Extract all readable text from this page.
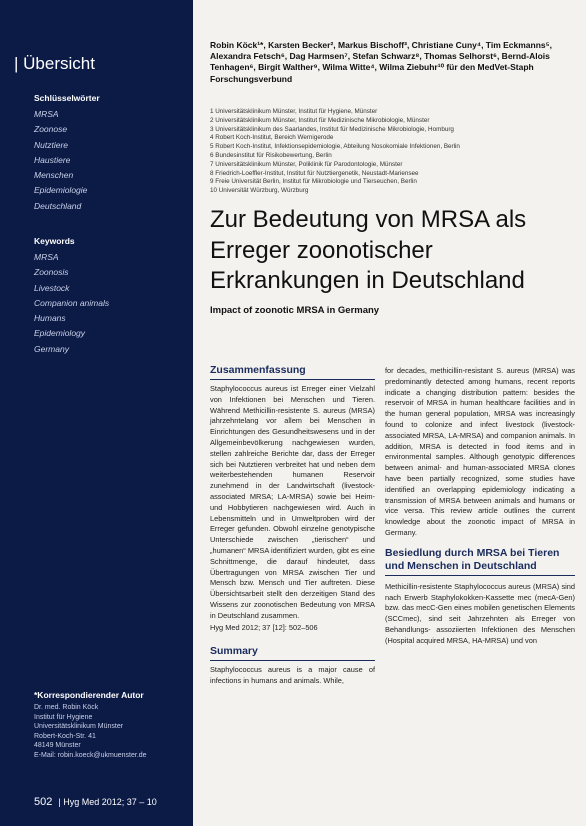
| Übersicht
Schlüsselwörter
MRSA
Zoonose
Nutztiere
Haustiere
Menschen
Epidemiologie
Deutschland
Keywords
MRSA
Zoonosis
Livestock
Companion animals
Humans
Epidemiology
Germany
*Korrespondierender Autor
Dr. med. Robin Köck
Institut für Hygiene
Universitätsklinikum Münster
Robert-Koch-Str. 41
48149 Münster
E-Mail: robin.koeck@ukmuenster.de
502 | Hyg Med 2012; 37 – 10
Robin Köck¹*, Karsten Becker², Markus Bischoff³, Christiane Cuny⁴, Tim Eckmanns⁵, Alexandra Fetsch⁶, Dag Harmsen⁷, Stefan Schwarz⁸, Thomas Selhorst⁶, Bernd-Alois Tenhagen⁶, Birgit Walther⁹, Wilma Witte⁴, Wilma Ziebuhr¹⁰ für den MedVet-Staph Forschungsverbund
1 Universitätsklinikum Münster, Institut für Hygiene, Münster
2 Universitätsklinikum Münster, Institut für Medizinische Mikrobiologie, Münster
3 Universitätsklinikum des Saarlandes, Institut für Medizinische Mikrobiologie, Homburg
4 Robert Koch-Institut, Bereich Wernigerode
5 Robert Koch-Institut, Infektionsepidemiologie, Abteilung Nosokomiale Infektionen, Berlin
6 Bundesinstitut für Risikobewertung, Berlin
7 Universitätsklinikum Münster, Poliklinik für Parodontologie, Münster
8 Friedrich-Loeffler-Institut, Institut für Nutztiergenetik, Neustadt-Mariensee
9 Freie Universität Berlin, Institut für Mikrobiologie und Tierseuchen, Berlin
10 Universität Würzburg, Würzburg
Zur Bedeutung von MRSA als Erreger zoonotischer Erkrankungen in Deutschland
Impact of zoonotic MRSA in Germany
Zusammenfassung
Staphylococcus aureus ist Erreger einer Vielzahl von Infektionen bei Menschen und Tieren. Während Methicillin-resistente S. aureus (MRSA) jahrzehntelang vor allem bei Menschen in Einrichtungen des Gesundheitswesens und in der Allgemeinbevölkerung nachgewiesen wurden, stellen zahlreiche Berichte dar, dass der Erreger sich bei Nutztieren verbreitet hat und neben dem weiterbestehenden humanen Reservoir zunehmend in der Landwirtschaft (livestock-associated MRSA; LA-MRSA) sowie bei Heim- und Hobbytieren nachgewiesen wird. Auch in Lebensmitteln und in Umweltproben wird der Erreger gefunden. Obwohl einzelne genotypische Unterschiede zwischen „tierischen“ und „humanen“ MRSA identifiziert wurden, gibt es eine Schnittmenge, die darauf hindeutet, dass Übertragungen von MRSA zwischen Tier und Mensch bzw. Mensch und Tier auftreten. Diese Übersichtsarbeit stellt den derzeitigen Stand des Wissens zur zoonotischen Bedeutung von MRSA in Deutschland zusammen.
Hyg Med 2012; 37 [12]: 502–506
Summary
Staphylococcus aureus is a major cause of infections in humans and animals. While,
for decades, methicillin-resistant S. aureus (MRSA) was predominantly detected among humans, recent reports indicate a changing distribution pattern: besides the reservoir of MRSA in human healthcare facilities and in the human general population, MRSA was increasingly found to colonize and infect livestock (livestock-associated MRSA, LA-MRSA) and companion animals. In addition, MRSA is detected in food items and in environmental samples. Although genotypic differences between animal- and human-associated MRSA clones have been partially recognized, some studies have identified an overlapping epidemiology indicating a transmission of MRSA between animals and humans or vice versa. This review article outlines the current knowledge about the zoonotic impact of MRSA in Germany.
Besiedlung durch MRSA bei Tieren und Menschen in Deutschland
Methicillin-resistente Staphylococcus aureus (MRSA) sind nach Erwerb Staphylokokken-Kassette mec (mecA-Gen) bzw. das mecC-Gen eines mobilen genetischen Elements (SCCmec), sind seit Jahrzehnten als Erreger von Behandlungs- assoziierten Infektionen des Menschen (Hospital acquired MRSA, HA-MRSA) und von
